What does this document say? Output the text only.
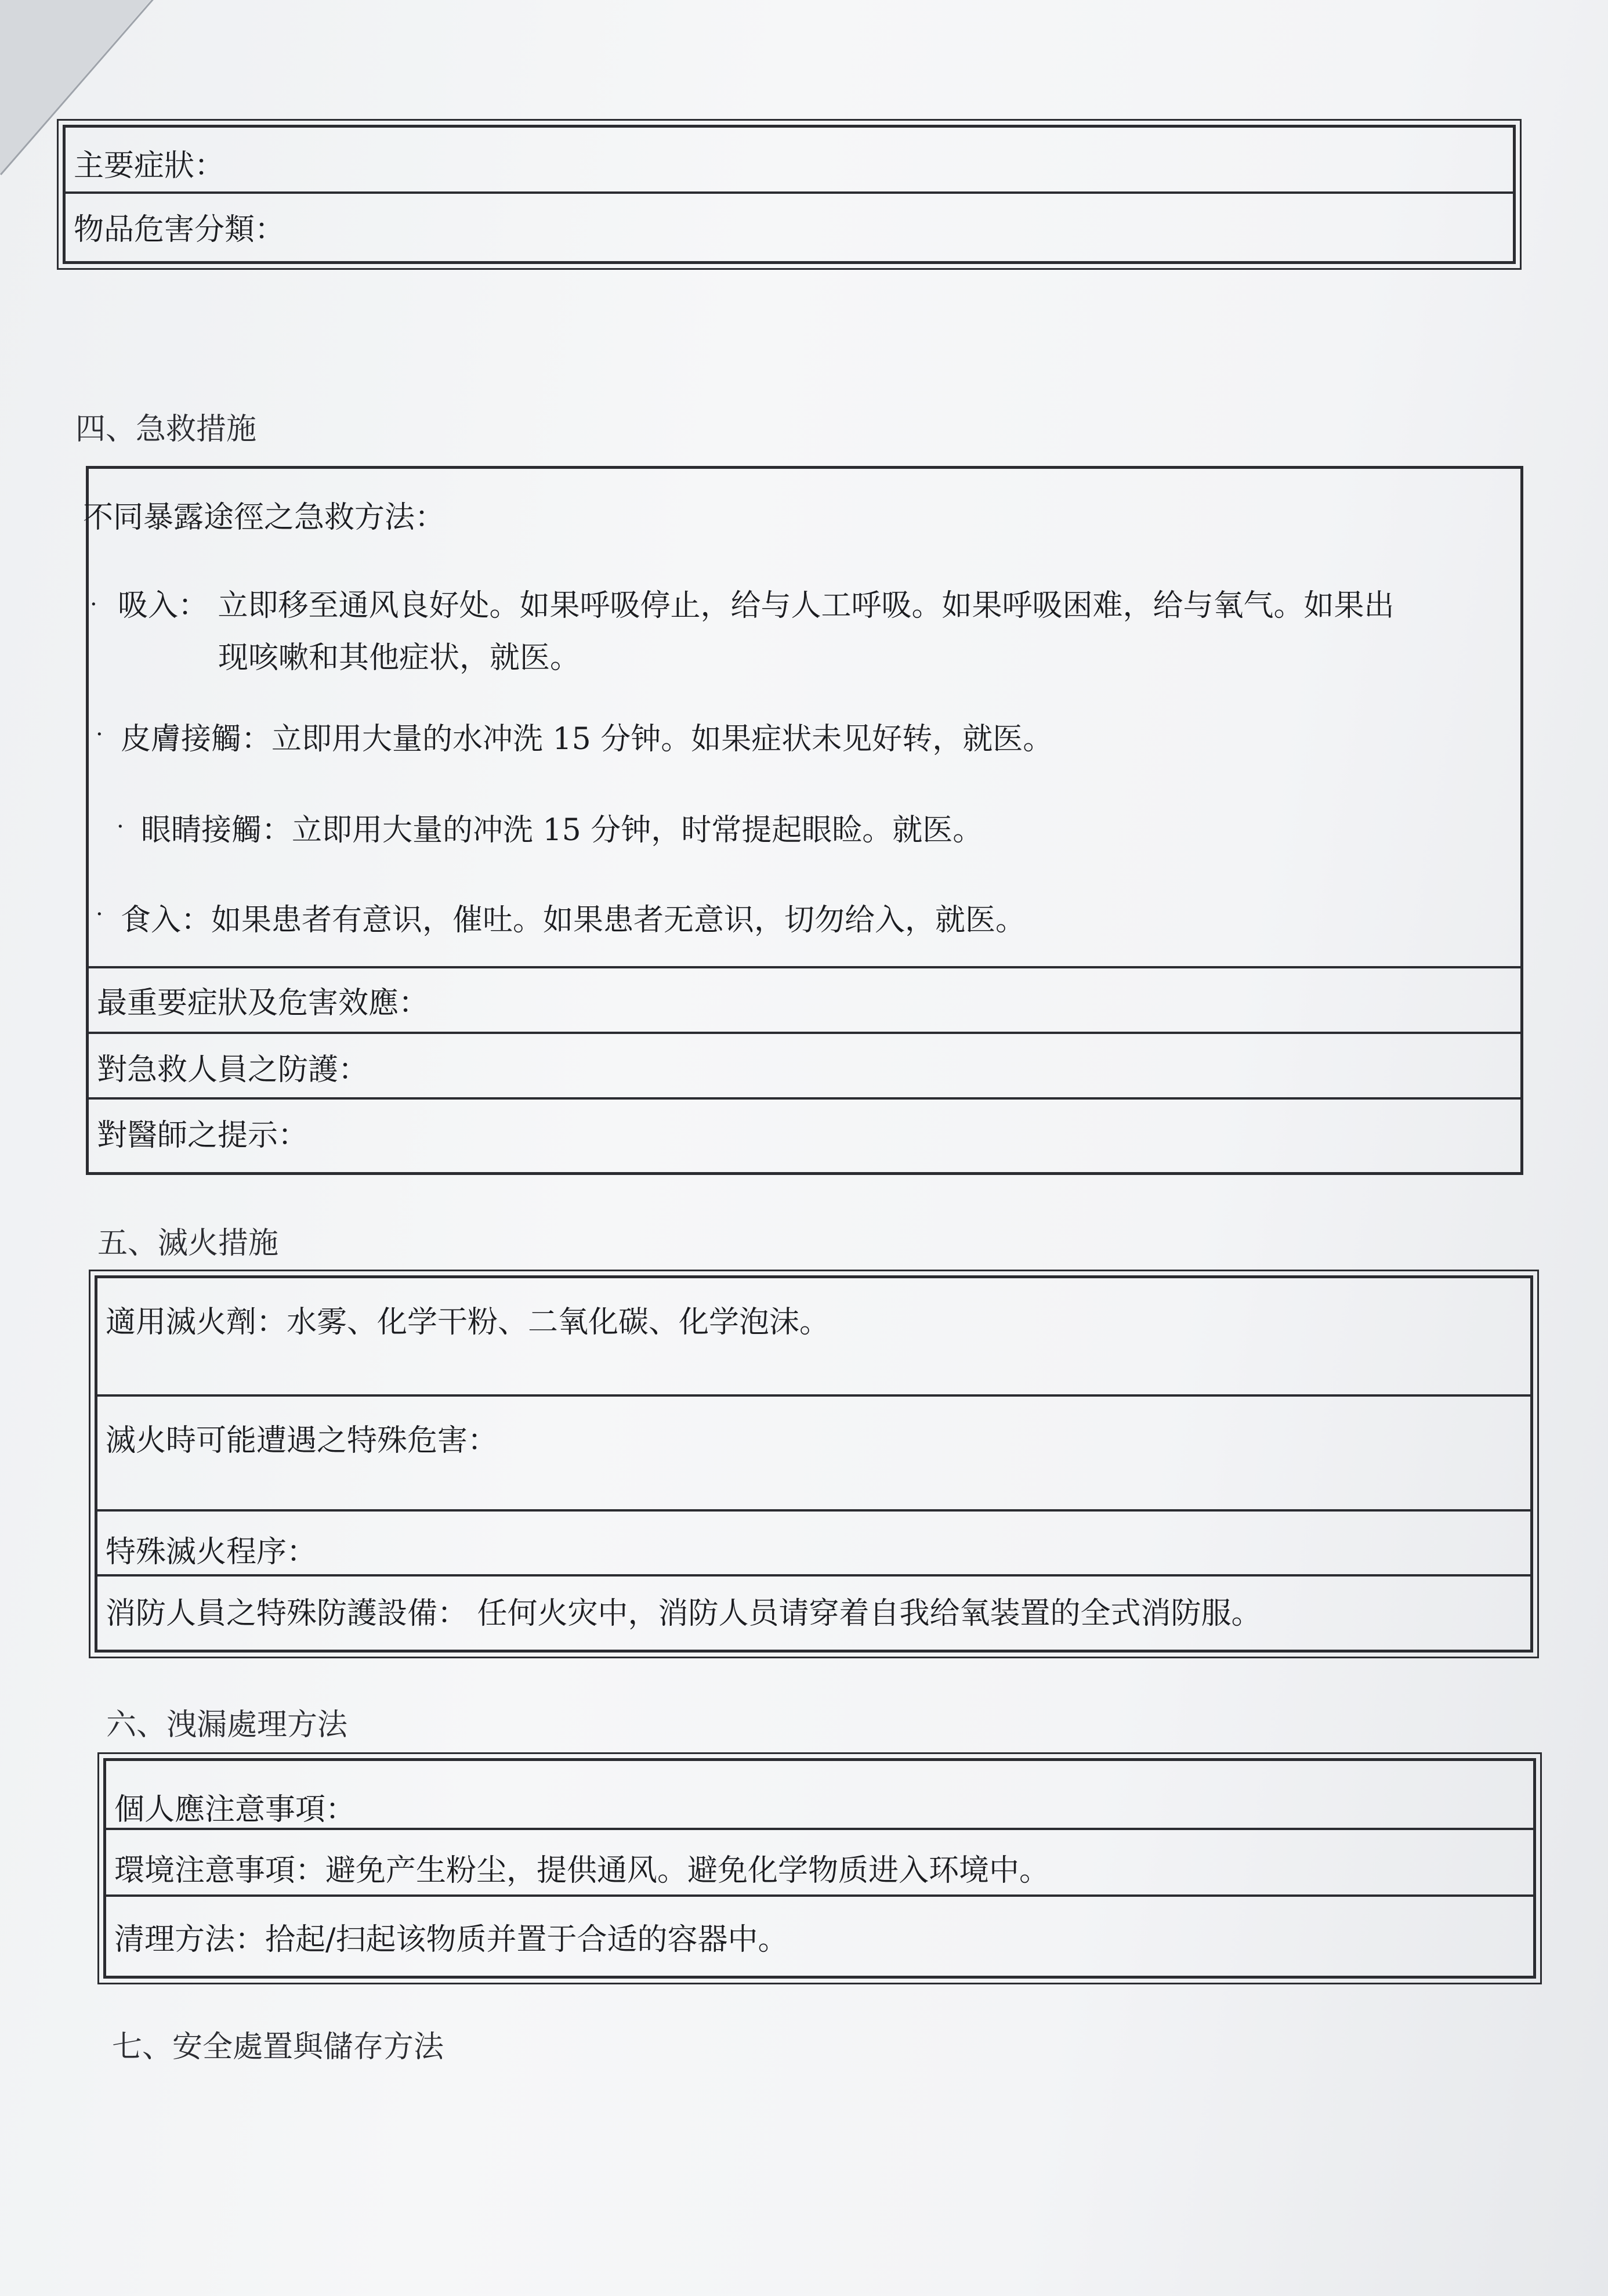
主要症狀：
物品危害分類：
四、急救措施
不同暴露途徑之急救方法：
· 吸入： 立即移至通风良好处。如果呼吸停止，给与人工呼吸。如果呼吸困难，给与氧气。如果出
现咳嗽和其他症状，就医。
· 皮膚接觸：立即用大量的水冲洗 15 分钟。如果症状未见好转，就医。
· 眼睛接觸：立即用大量的冲洗 15 分钟，时常提起眼睑。就医。
· 食入：如果患者有意识，催吐。如果患者无意识，切勿给入，就医。
最重要症狀及危害效應：
對急救人員之防護：
對醫師之提示：
五、滅火措施
適用滅火劑：水雾、化学干粉、二氧化碳、化学泡沫。
滅火時可能遭遇之特殊危害：
特殊滅火程序：
消防人員之特殊防護設備： 任何火灾中，消防人员请穿着自我给氧装置的全式消防服。
六、洩漏處理方法
個人應注意事項：
環境注意事項：避免产生粉尘，提供通风。避免化学物质进入环境中。
清理方法：拾起/扫起该物质并置于合适的容器中。
七、安全處置與儲存方法
